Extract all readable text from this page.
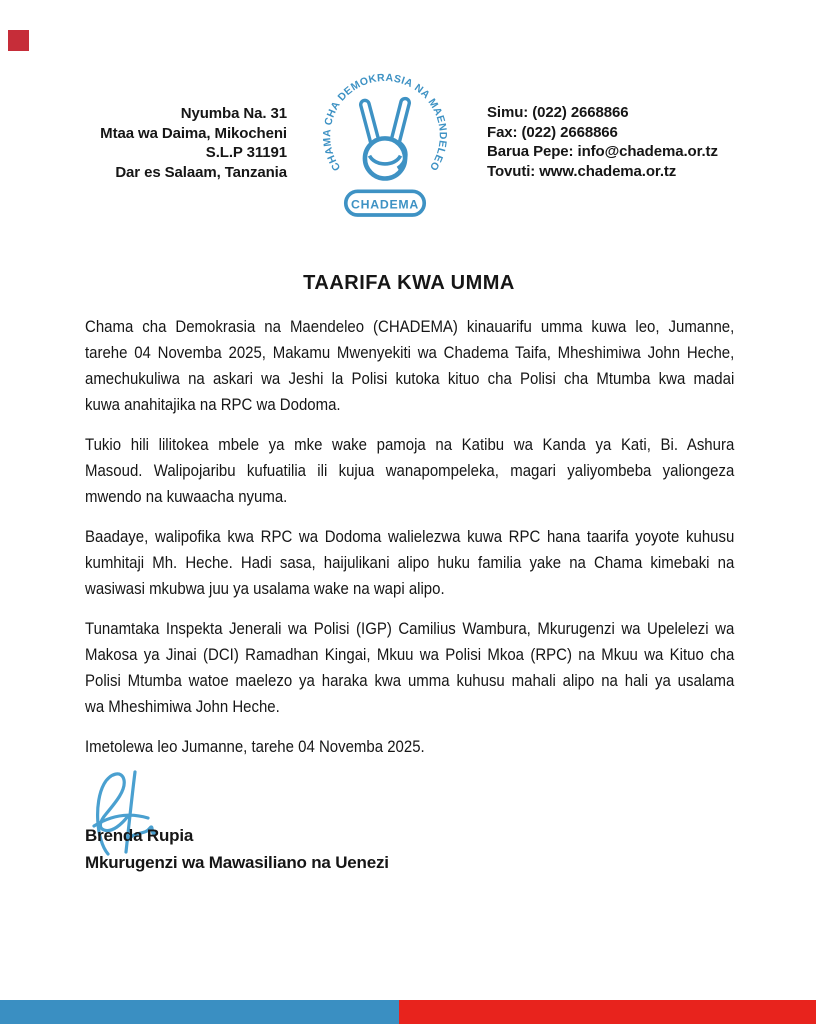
Nyumba Na. 31
Mtaa wa Daima, Mikocheni
S.L.P 31191
Dar es Salaam, Tanzania	CHAMA CHA DEMOKRASIA NA MAENDELEO
CHADEMA
Simu: (022) 2668866
Fax: (022) 2668866
Barua Pepe: info@chadema.or.tz
Tovuti: www.chadema.or.tz
TAARIFA KWA UMMA
Chama cha Demokrasia na Maendeleo (CHADEMA) kinauarifu umma kuwa leo, Jumanne,
tarehe 04 Novemba 2025, Makamu Mwenyekiti wa Chadema Taifa, Mheshimiwa John Heche,
amechukuliwa na askari wa Jeshi la Polisi kutoka kituo cha Polisi cha Mtumba kwa madai
kuwa anahitajika na RPC wa Dodoma.
Tukio hili lilitokea mbele ya mke wake pamoja na Katibu wa Kanda ya Kati, Bi. Ashura
Masoud. Walipojaribu kufuatilia ili kujua wanapompeleka, magari yaliyombeba yaliongeza
mwendo na kuwaacha nyuma.
Baadaye, walipofika kwa RPC wa Dodoma walielezwa kuwa RPC hana taarifa yoyote kuhusu
kumhitaji Mh. Heche. Hadi sasa, haijulikani alipo huku familia yake na Chama kimebaki na
wasiwasi mkubwa juu ya usalama wake na wapi alipo.
Tunamtaka Inspekta Jenerali wa Polisi (IGP) Camilius Wambura, Mkurugenzi wa Upelelezi wa
Makosa ya Jinai (DCI) Ramadhan Kingai, Mkuu wa Polisi Mkoa (RPC) na Mkuu wa Kituo cha
Polisi Mtumba watoe maelezo ya haraka kwa umma kuhusu mahali alipo na hali ya usalama
wa Mheshimiwa John Heche.
Imetolewa leo Jumanne, tarehe 04 Novemba 2025.
Brenda Rupia
Mkurugenzi wa Mawasiliano na Uenezi
